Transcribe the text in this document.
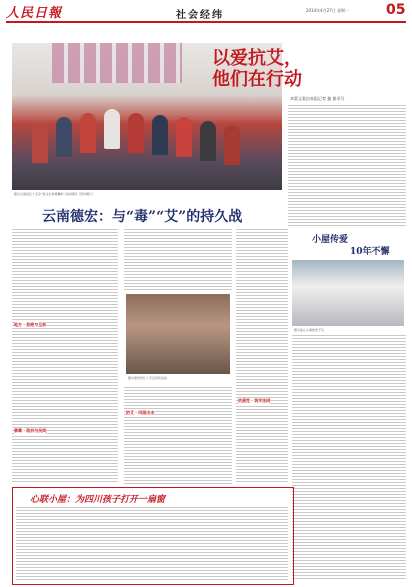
人民日報	社会经纬	2014年4月27日 星期一	05
图为云南省红十字会“爱让生命更精彩”活动现场（资料图片）
以爱抗艾，
他们在行动
本版文案由本报记者 捷 雅采写
云南德宏：与“毒”“艾”的持久战
地方 · 拒绝与互助
禁毒 · 政府与民间
防艾 · 四面出击
抗爱性 · 筑牢法网
图为德宏州红十字会宣传活动
小屋传爱
10年不懈
图为爱心小屋的孩子们
心联小屋：为四川孩子打开一扇窗
